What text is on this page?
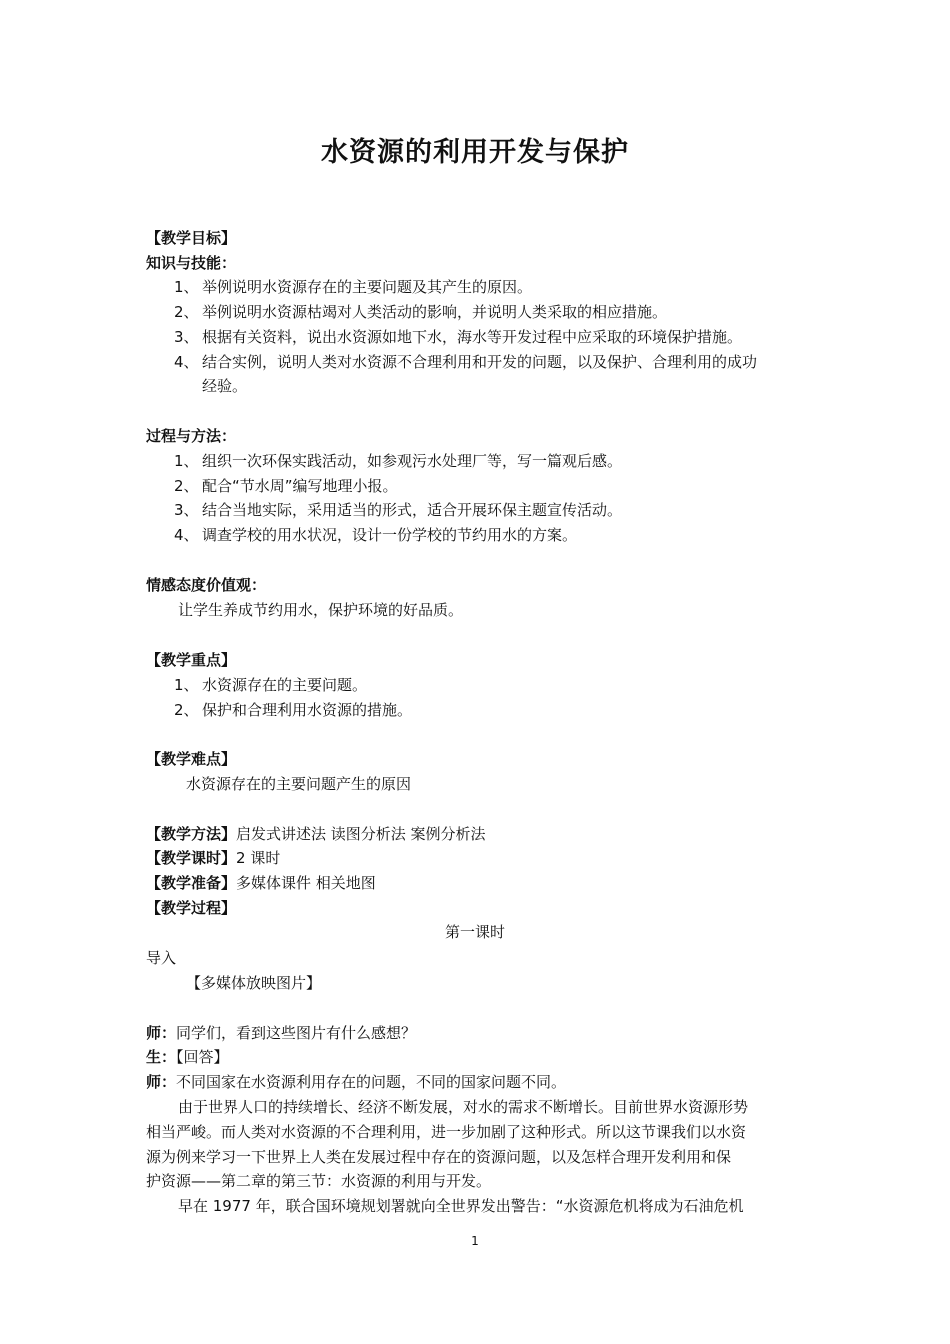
水资源的利用开发与保护
【教学目标】
知识与技能：
1、 举例说明水资源存在的主要问题及其产生的原因。
2、 举例说明水资源枯竭对人类活动的影响，并说明人类采取的相应措施。
3、 根据有关资料，说出水资源如地下水，海水等开发过程中应采取的环境保护措施。
4、 结合实例，说明人类对水资源不合理利用和开发的问题，以及保护、合理利用的成功
经验。
过程与方法：
1、 组织一次环保实践活动，如参观污水处理厂等，写一篇观后感。
2、 配合“节水周”编写地理小报。
3、 结合当地实际，采用适当的形式，适合开展环保主题宣传活动。
4、 调查学校的用水状况，设计一份学校的节约用水的方案。
情感态度价值观：
让学生养成节约用水，保护环境的好品质。
【教学重点】
1、 水资源存在的主要问题。
2、 保护和合理利用水资源的措施。
【教学难点】
水资源存在的主要问题产生的原因
【教学方法】启发式讲述法 读图分析法 案例分析法
【教学课时】2 课时
【教学准备】多媒体课件 相关地图
【教学过程】
第一课时
导入
【多媒体放映图片】
师：同学们，看到这些图片有什么感想？
生：【回答】
师：不同国家在水资源利用存在的问题，不同的国家问题不同。
由于世界人口的持续增长、经济不断发展，对水的需求不断增长。目前世界水资源形势
相当严峻。而人类对水资源的不合理利用，进一步加剧了这种形式。所以这节课我们以水资
源为例来学习一下世界上人类在发展过程中存在的资源问题，以及怎样合理开发利用和保
护资源——第二章的第三节：水资源的利用与开发。
早在 1977 年，联合国环境规划署就向全世界发出警告：“水资源危机将成为石油危机
1
